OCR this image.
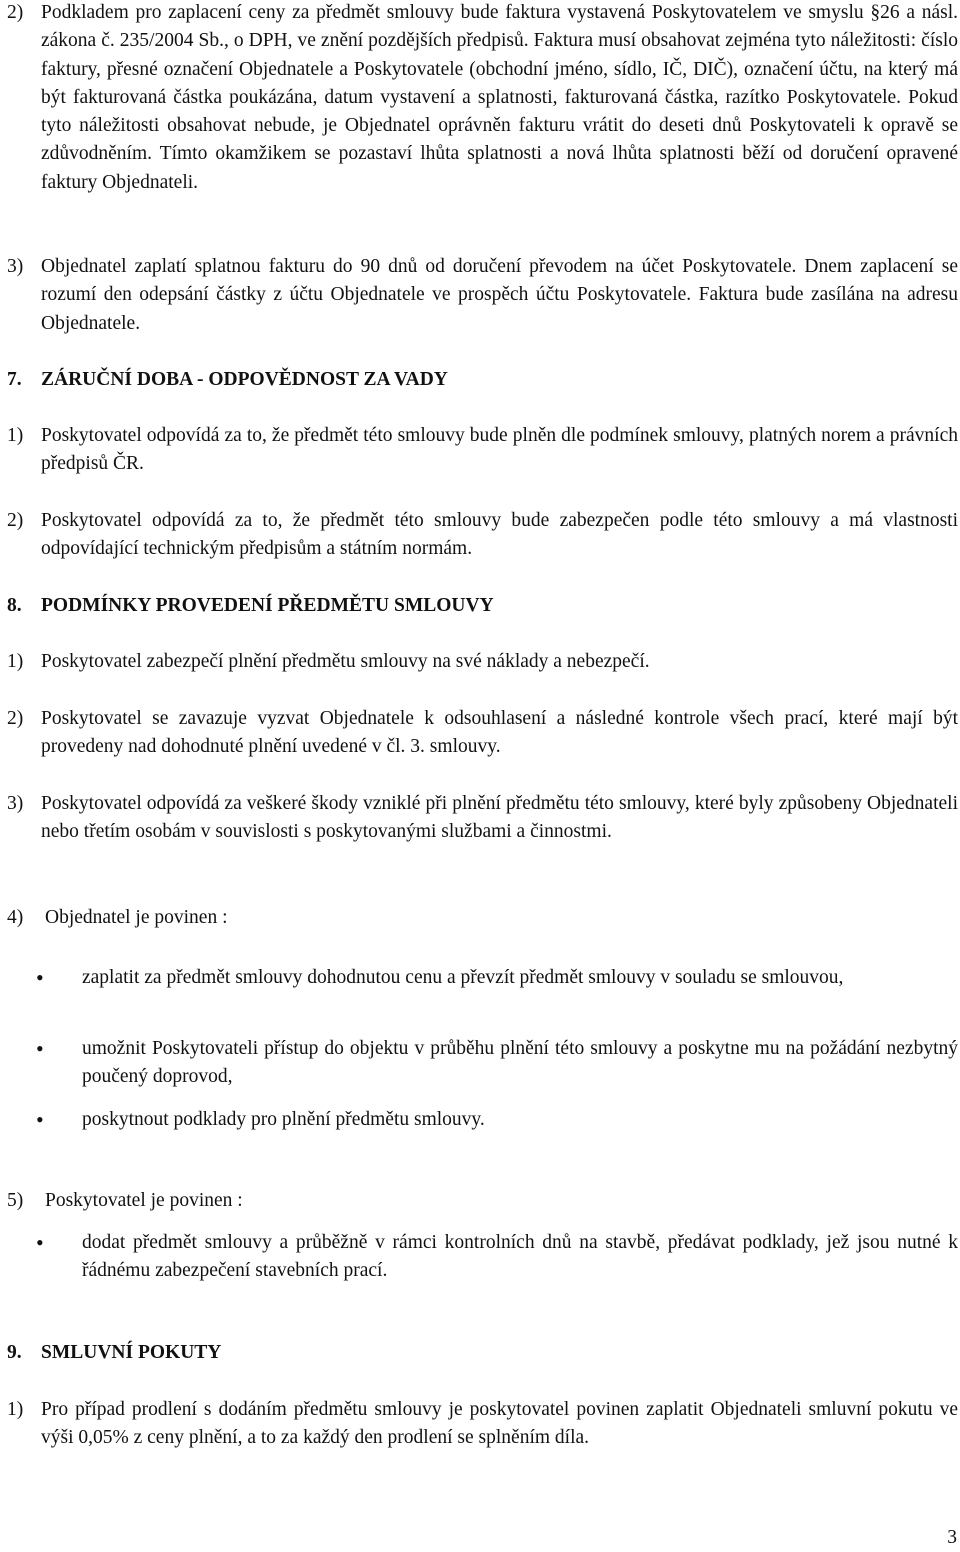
2) Podkladem pro zaplacení ceny za předmět smlouvy bude faktura vystavená Poskytovatelem ve smyslu §26 a násl. zákona č. 235/2004 Sb., o DPH, ve znění pozdějších předpisů. Faktura musí obsahovat zejména tyto náležitosti: číslo faktury, přesné označení Objednatele a Poskytovatele (obchodní jméno, sídlo, IČ, DIČ), označení účtu, na který má být fakturovaná částka poukázána, datum vystavení a splatnosti, fakturovaná částka, razítko Poskytovatele. Pokud tyto náležitosti obsahovat nebude, je Objednatel oprávněn fakturu vrátit do deseti dnů Poskytovateli k opravě se zdůvodněním. Tímto okamžikem se pozastaví lhůta splatnosti a nová lhůta splatnosti běží od doručení opravené faktury Objednateli.
3) Objednatel zaplatí splatnou fakturu do 90 dnů od doručení převodem na účet Poskytovatele. Dnem zaplacení se rozumí den odepsání částky z účtu Objednatele ve prospěch účtu Poskytovatele. Faktura bude zasílána na adresu Objednatele.
7. ZÁRUČNÍ DOBA - ODPOVĚDNOST ZA VADY
1) Poskytovatel odpovídá za to, že předmět této smlouvy bude plněn dle podmínek smlouvy, platných norem a právních předpisů ČR.
2) Poskytovatel odpovídá za to, že předmět této smlouvy bude zabezpečen podle této smlouvy a má vlastnosti odpovídající technickým předpisům a státním normám.
8. PODMÍNKY PROVEDENÍ PŘEDMĚTU SMLOUVY
1) Poskytovatel zabezpečí plnění předmětu smlouvy na své náklady a nebezpečí.
2) Poskytovatel se zavazuje vyzvat Objednatele k odsouhlasení a následné kontrole všech prací, které mají být provedeny nad dohodnuté plnění uvedené v čl. 3. smlouvy.
3) Poskytovatel odpovídá za veškeré škody vzniklé při plnění předmětu této smlouvy, které byly způsobeny Objednateli nebo třetím osobám v souvislosti s poskytovanými službami a činnostmi.
4)	Objednatel je povinen :
•	zaplatit za předmět smlouvy dohodnutou cenu a převzít předmět smlouvy v souladu se smlouvou,
•	umožnit Poskytovateli přístup do objektu v průběhu plnění této smlouvy a poskytne mu na požádání nezbytný poučený doprovod,
•	poskytnout podklady pro plnění předmětu smlouvy.
5)	Poskytovatel je povinen :
•	dodat předmět smlouvy a průběžně v rámci kontrolních dnů na stavbě, předávat podklady, jež jsou nutné k řádnému zabezpečení stavebních prací.
9. SMLUVNÍ POKUTY
1) Pro případ prodlení s dodáním předmětu smlouvy je poskytovatel povinen zaplatit Objednateli smluvní pokutu ve výši 0,05% z ceny plnění, a to za každý den prodlení se splněním díla.
3
